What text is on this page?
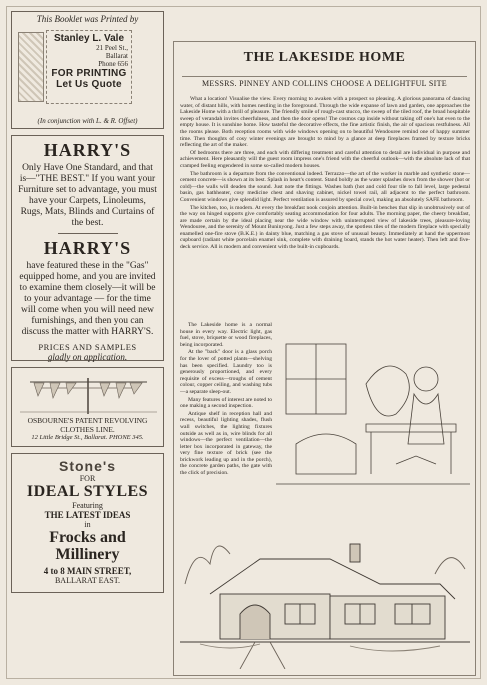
This Booklet was Printed by
Stanley L. Vale
21 Peel St.,
Ballarat
Phone 656
FOR PRINTING
Let Us Quote
(In conjunction with L. & R. Offset)
HARRY'S
Only Have One Standard, and that is—"THE BEST." If you want your Furniture set to advantage, you must have your Carpets, Linoleums, Rugs, Mats, Blinds and Curtains of the best.
HARRY'S
have featured these in the "Gas" equipped home, and you are invited to examine them closely—it will be to your advantage — for the time will come when you will need new furnishings, and then you can discuss the matter with HARRY'S.
PRICES AND SAMPLES
gladly on application.
OSBOURNE'S PATENT REVOLVING CLOTHES LINE.
12 Little Bridge St., Ballarat. PHONE 345.
Stone's
FOR
IDEAL STYLES
Featuring
THE LATEST IDEAS
in
Frocks and
Millinery
4 to 8 MAIN STREET,
BALLARAT EAST.
THE LAKESIDE HOME
MESSRS. PINNEY AND COLLINS CHOOSE A DELIGHTFUL SITE

What a location! Visualise the view. Every morning to awaken with a prospect so pleasing. A glorious panorama of dancing water, of distant hills, with homes nestling in the foreground. Through the wide expanse of lawn and garden, one approaches the Lakeside Home with a thrill of pleasure. The friendly smile of rough-cast stucco, the sweep of the tiled roof, the broad hospitable sweep of verandah invites cheerfulness, and then the door opens! The cosmos cap inside without taking off one's hat even to the empty house. It is sunshine home. How tasteful the decorative effects, the fine artistic finish, the air of spacious restfulness. All the rooms please. Both reception rooms with wide windows opening on to beautiful Wendouree remind one of happy summer time. Then thoughts of cosy winter evenings are brought to mind by a glance at deep fireplaces framed by texture bricks reflecting the art of the maker.

Of bedrooms there are three, and each with differing treatment and careful attention to detail are individual in purpose and achievement. Here pleasantly will the guest room impress one's friend with the cheerful outlook—with the absolute lack of that cramped feeling engendered in some so-called modern houses.

The bathroom is a departure from the conventional indeed. Terrazzo—the art of the worker in marble and synthetic stone—cement concrete—is shown at its best. Splash in heart's content. Stand boldly as the water splashes down from the shower (hot or cold)—the walls will deaden the sound. Just note the fittings. Washes bath (hot and cold four tile to fall level, large pedestal basin, gas bathheater, cosy medicine chest and shaving cabinet, nickel towel rail, all adjacent to the perfect bathroom. Convenient windows give splendid light. Perfect ventilation is assured by special cowl, making an absolutely SAFE bathroom.

The kitchen, too, is modern. At every the breakfast nook conjoin attention. Built-in benches that slip in unobtrusively out of the way on hinged supports give comfortably seating accommodation for four adults. The morning paper, the cheery breakfast, are made certain by the ideal placing near the wide window with uninterrupted view of lakeside trees, pleasure-loving Wendouree, and the serenity of Mount Buninyong. Just a few steps away, the spotless tiles of the modern fireplace with specially enamelled one-fire stove (B.K.E.) in dainty blue, matching a gas stove of unusual beauty. Immediately at hand the uppermost cupboard (radiant white porcelain enamel sink, complete with draining board, stands the hot water heater). Then left and five-deck service. All is modern and convenient with the built-in cupboards.

The Lakeside home is a normal house in every way. Electric light, gas fuel, stove, briquette or wood fireplaces, being incorporated.

At the "back" door is a glass porch for the lover of potted plants—shelving has been specified. Laundry too is generously proportioned, and every requisite of excess—troughs of cement colour, copper ceiling, and washing tubs—a separate sleep-out.

Many features of interest are noted to one making a second inspection.

Antique shelf in reception hall and recess, beautiful lighting shades, flush wall switches, the lighting fixtures outside as well as in, wire blinds for all windows—the perfect ventilation—the letter box incorporated in gateway, the very fine texture of brick (see the brickwork leading up and in the porch), the concrete garden paths, the gate with the click of precision.
